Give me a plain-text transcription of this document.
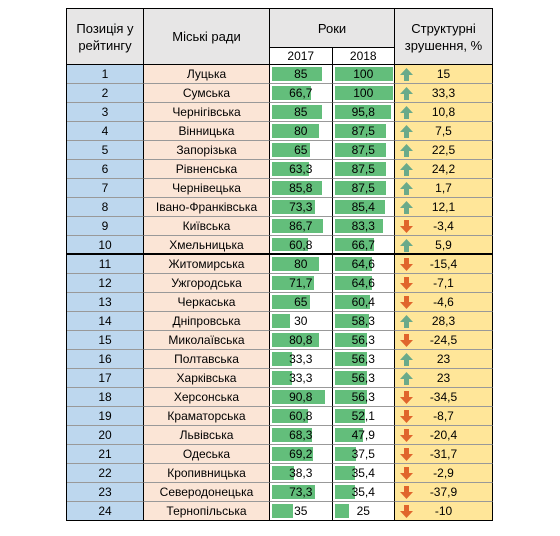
Позиція у рейтингу
Міські ради
Роки
2017	2018
Структурні зрушення, %
1	Луцька	85	100	15
2	Сумська	66,7	100	33,3
3	Чернігівська	85	95,8	10,8
4	Вінницька	80	87,5	7,5
5	Запорізька	65	87,5	22,5
6	Рівненська	63,3	87,5	24,2
7	Чернівецька	85,8	87,5	1,7
8	Івано-Франківська	73,3	85,4	12,1
9	Київська	86,7	83,3	-3,4
10	Хмельницька	60,8	66,7	5,9
11	Житомирська	80	64,6	-15,4
12	Ужгородська	71,7	64,6	-7,1
13	Черкаська	65	60,4	-4,6
14	Дніпровська	30	58,3	28,3
15	Миколаївська	80,8	56,3	-24,5
16	Полтавська	33,3	56,3	23
17	Харківська	33,3	56,3	23
18	Херсонська	90,8	56,3	-34,5
19	Краматорська	60,8	52,1	-8,7
20	Львівська	68,3	47,9	-20,4
21	Одеська	69,2	37,5	-31,7
22	Кропивницька	38,3	35,4	-2,9
23	Северодонецька	73,3	35,4	-37,9
24	Тернопільська	35	25	-10
